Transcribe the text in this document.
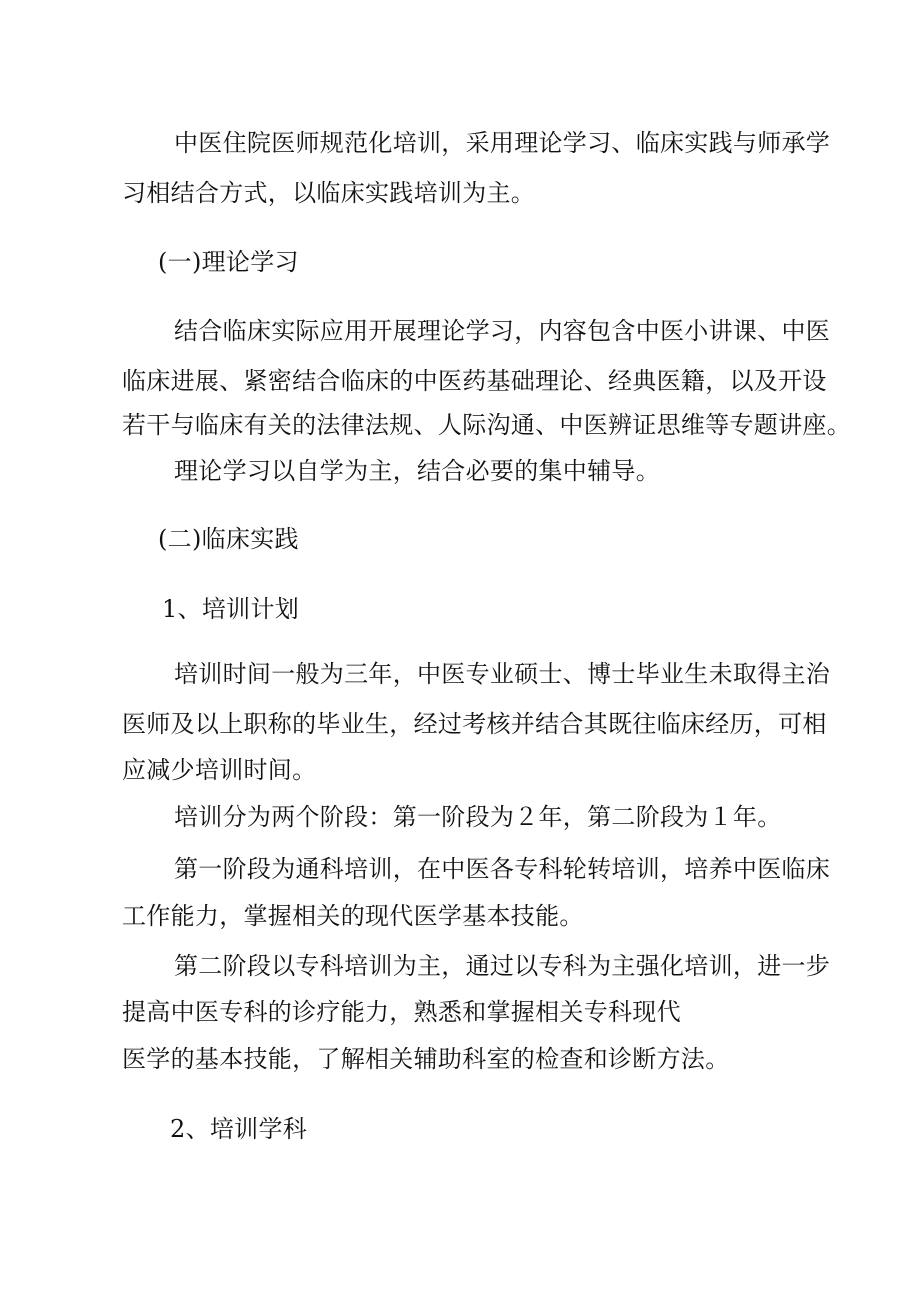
中医住院医师规范化培训，采用理论学习、临床实践与师承学
习相结合方式，以临床实践培训为主。
(一)理论学习
结合临床实际应用开展理论学习，内容包含中医小讲课、中医
临床进展、紧密结合临床的中医药基础理论、经典医籍，以及开设
若干与临床有关的法律法规、人际沟通、中医辨证思维等专题讲座。
理论学习以自学为主，结合必要的集中辅导。
(二)临床实践
1、培训计划
培训时间一般为三年，中医专业硕士、博士毕业生未取得主治
医师及以上职称的毕业生，经过考核并结合其既往临床经历，可相
应减少培训时间。
培训分为两个阶段：第一阶段为２年，第二阶段为１年。
第一阶段为通科培训，在中医各专科轮转培训，培养中医临床
工作能力，掌握相关的现代医学基本技能。
第二阶段以专科培训为主，通过以专科为主强化培训，进一步
提高中医专科的诊疗能力，熟悉和掌握相关专科现代
医学的基本技能，了解相关辅助科室的检查和诊断方法。
2、培训学科
